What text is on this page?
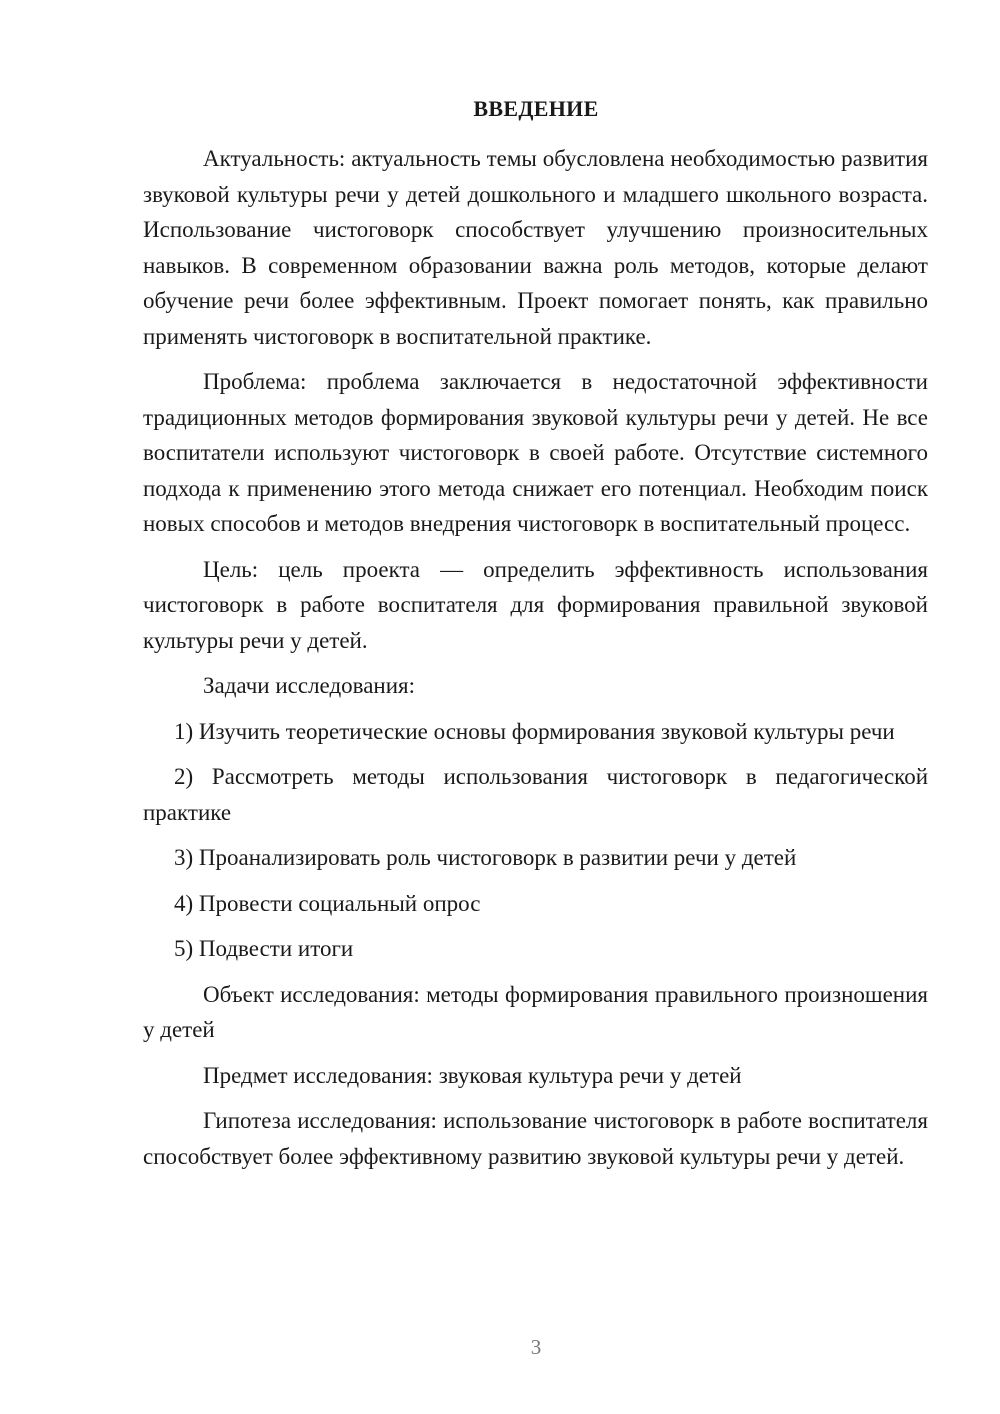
ВВЕДЕНИЕ

Актуальность: актуальность темы обусловлена необходимостью развития звуковой культуры речи у детей дошкольного и младшего школьного возраста. Использование чистоговорк способствует улучшению произносительных навыков. В современном образовании важна роль методов, которые делают обучение речи более эффективным. Проект помогает понять, как правильно применять чистоговорк в воспитательной практике.

Проблема: проблема заключается в недостаточной эффективности традиционных методов формирования звуковой культуры речи у детей. Не все воспитатели используют чистоговорк в своей работе. Отсутствие системного подхода к применению этого метода снижает его потенциал. Необходим поиск новых способов и методов внедрения чистоговорк в воспитательный процесс.

Цель: цель проекта — определить эффективность использования чистоговорк в работе воспитателя для формирования правильной звуковой культуры речи у детей.

Задачи исследования:

1) Изучить теоретические основы формирования звуковой культуры речи

2) Рассмотреть методы использования чистоговорк в педагогической практике

3) Проанализировать роль чистоговорк в развитии речи у детей

4) Провести социальный опрос

5) Подвести итоги

Объект исследования: методы формирования правильного произношения у детей

Предмет исследования: звуковая культура речи у детей

Гипотеза исследования: использование чистоговорк в работе воспитателя способствует более эффективному развитию звуковой культуры речи у детей.

3
